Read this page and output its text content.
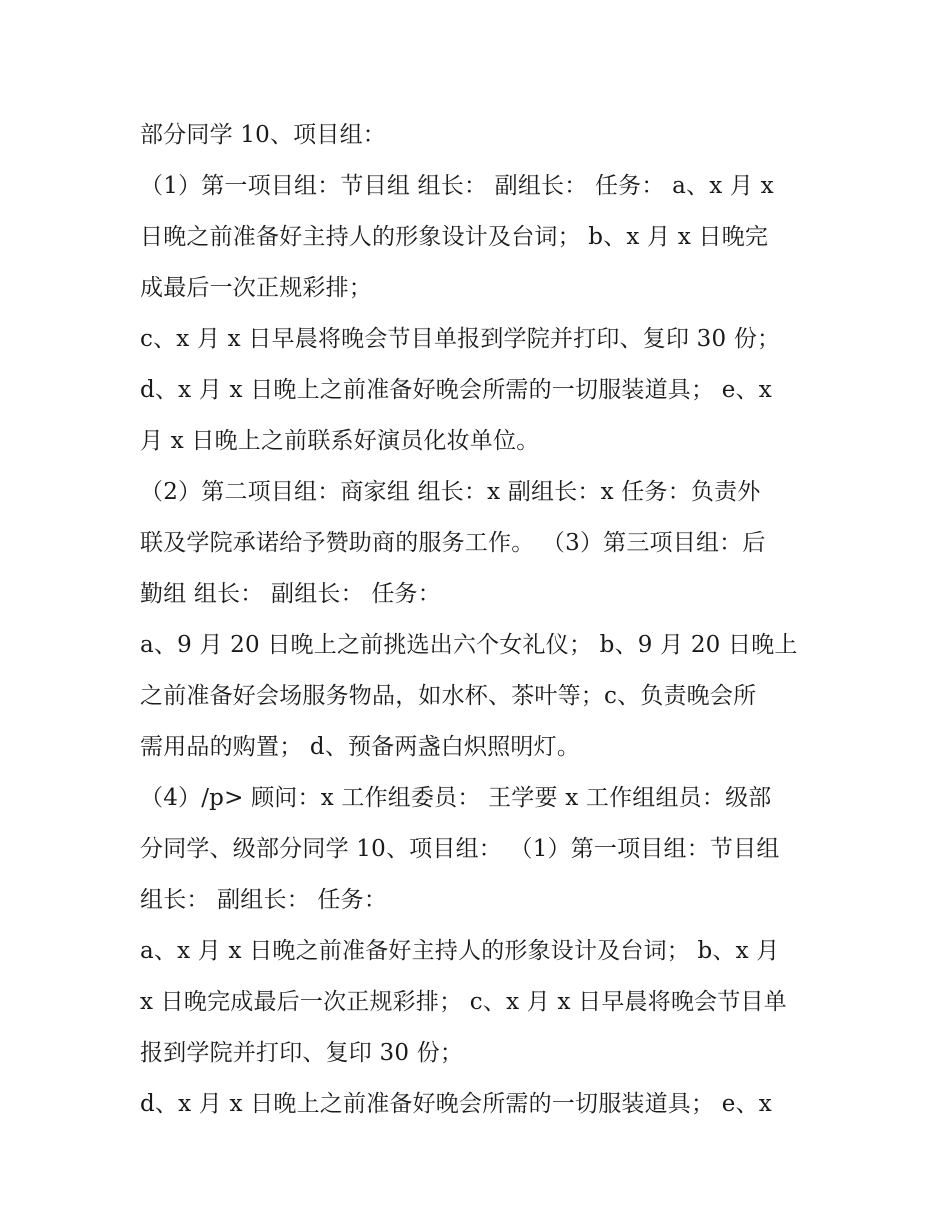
部分同学 10、项目组：
（1）第一项目组：节目组 组长： 副组长： 任务： a、x 月 x
日晚之前准备好主持人的形象设计及台词； b、x 月 x 日晚完
成最后一次正规彩排；
c、x 月 x 日早晨将晚会节目单报到学院并打印、复印 30 份；
d、x 月 x 日晚上之前准备好晚会所需的一切服装道具； e、x
月 x 日晚上之前联系好演员化妆单位。
（2）第二项目组：商家组 组长：x 副组长：x 任务：负责外
联及学院承诺给予赞助商的服务工作。 （3）第三项目组：后
勤组 组长： 副组长： 任务：
a、9 月 20 日晚上之前挑选出六个女礼仪； b、9 月 20 日晚上
之前准备好会场服务物品，如水杯、茶叶等；c、负责晚会所
需用品的购置； d、预备两盏白炽照明灯。
（4）/p> 顾问：x 工作组委员： 王学要 x 工作组组员：级部
分同学、级部分同学 10、项目组： （1）第一项目组：节目组
组长： 副组长： 任务：
a、x 月 x 日晚之前准备好主持人的形象设计及台词； b、x 月
x 日晚完成最后一次正规彩排； c、x 月 x 日早晨将晚会节目单
报到学院并打印、复印 30 份；
d、x 月 x 日晚上之前准备好晚会所需的一切服装道具； e、x
